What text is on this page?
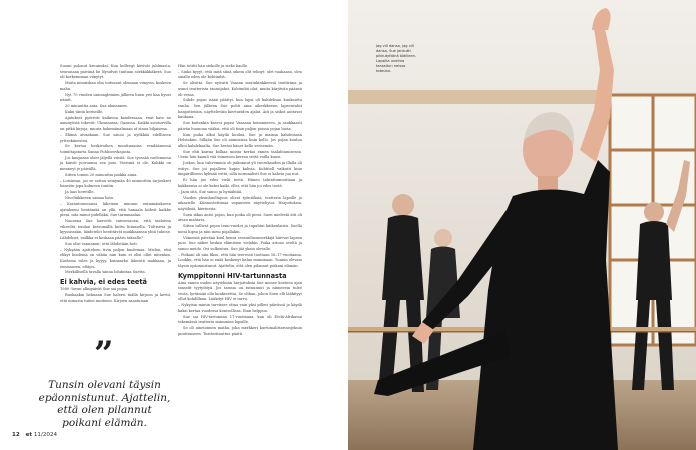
Suomi polonut kruunuksi. Kun kolleegt kävivät juhlmasta, seuranaan paivänä he löysidvät tuntuan sörkkäkkäkerä. Suo oli korkeimman viinytyt.

Muita minuiskan olin toitsunut olemaan viinyvin, koskeen mahu.

Nyt 70 vuoden unissaglemien jälkeen huen yrit kaa hyvat nämtt.

20 minuuttia ania. Sua ahmannen.

Kuku täntä kerneille.

Ajatukset pyörivät kaikessa kaudessaan, rmit kate ne aamuyöstä tokevät: Ukrainassa, Gazassa. Kaikki aivoturvilla on pitkä kirjoja, muuta hakemiinalmaan of sinua hiljaisena.

– Elämä aivaakaan. Sue sanoo ja nyökkää edelliseen yrtteskiinestea.

Se kertoa keskivoihen muuttuaansa vendäämessä toimittajatarta Sanna Pohliorovkajasta.

Jos kaupassa oleet jäljellä viisitä. Sue tyossää vaelemassa ja käivät juoruansa sen poio. Viestmä ei ole. Kahkki on menneyt je päivällä.

Sitten tomen 20 minuuttia paikka auna.

– Loisiavaa, jos se sattua veinymän 40 minuuttiin tarjoukset hanvöin jopa kolmeen tuntiin.

Ja laas heretille.

Niveltäkkeeen samaa lista.

– Korantoneosaisa läheinen minuun enimmäiskseen ajatukseni heräämää on yllä, että hanaala kiihvit kaikke pieni, nita minut pidelläkä, Sue tarmmaalaa.

Naonena Sue haavetti vaivoesauen, että taaloissa vihreiltä tonihai ketsumällä kiittu liitaasella. Tulttsivia ja kyyssissään, läädetelot herättävät muikkaanssa yhtä tulutse. Lähdekiet, vailkka ei koskaan päärn taksalle?

Sue olisi vannamut, että lähdetään heti.

– Nykyään ajatteleen tivin paljon kuolemaa. Mielen, että elikyt kuolema on vähän niin kuin ei olisi ollut mitenkin. Kuolema tulee ja kyyyy, kuinaarko läheistä makkaan, ja eimisaasen, eltäjes.

Merkillisellä tavalla sänna lohduttaa Suetta.

Ei kahvia, ei edes teetä

1980 -luvun alkupäivät Sue sai pojan.

Ruokaakin hehnaan Sue halersi täällä kirjoon ja kertii, että minusta tuitee muitemo. Kirjoen saaatuiaan

Hän totitti hän siekolle ja sieko kaolle.

– Sinko kyyyt, että mitä siinä oikein olit tehnyt: olet vaakaasa, olen smalla eden ole kohtimbä.

Se olisitta. Sue nyösitti Vaasan merinkinkkeessä teattirima ja asnut teatterista tanssijaksi. Kohtimbä olat, muita kärjitvän päänsä oli vessa.

Suhde pojan isään päättyi, kun lapsi oli kahdeksan kuukautta vanha. Sen jälkeen Sue pohti aina aikerkkeeun lapsenvahti hanjoitteisiin, näytteleväin kiertueiden ajalat. Äiti ja siskot auttavat kaukana.

Sue kuitenkin kasvoi pojasi Vaasaan hoimmiseen, ja asukkaasti päivän huonona vääksi, että oli tinin paljon poissa pojan luota.

Kun poika alkoi käydä koulua, Sue ja mainsa kahdestaan Helsinkiin. Sillään Sue oli naimisissa kuin kollo. Jos pojan kouluu alkoi kahdekaalta, Sue heräsi hänet kello seitsemän.

Sue ehti kaivaa kolkaa monta kertaa ennen taalahtamisensa. Usein hän kauuli vää viimeisen kerran viittä vailla kuusi.

Joskus, kun vahvemmia oli jatkunnut yli vuorokauden ja illalla oli esitys, Sue joi pojalleen kupin kahvia. Kohtitell vaikutti kuin ämpärilliseen kylmää vettä, sillä normaalisti Sue ei kahvia juo nut.

Ei hän juo edes vielä teetä. Hänen tabrattomuutiaan ja kakkeensa ei ole kaksi kaiki, ellei, että hän joi edes teetä.

– Jaon sitä, Sue sanoo ja hymähtää.

Vuoden yksinhuoltajuus olivat työntöksia, teatteria lapsille ja aikasielle. Kiinnostettiinaa vapauteen näytteliytoi. Harjoituksia, näytöksiä, kiertueita.

Suen iäkas antoi pojan, kun poika oli pieni. Suen mielestä äiti oli aivan mahtava.

Sitten tullivat pojan teini-vuodet ja tapahtui kaikenlaista. Suella meni hipsu ja niin meni pojallakin.

Viimeisiä päivänä kuul hensa seosuultusimerkkijä häivvat lapsen poio. Sue näkee kerkin elämisten vielakin. Poika ariono oveltä ja sanoo meido. Ovi sulkeutuu. Sue jää yksin olevalle.

– Poikani oli niin fiksu, että hän teeressä tuottaan 16–17-vuotiaana. Loukku, että hän ei enää koskenyt halua muminaan. Tunnin olevani täysin epäonnistunut. Ajattelin, että olen pilannut poikani elämän.

Kymppitonni HIV-tartunnasta

Aina ennen uuden näytelmän harjoituksia Sue menee koeteen ajan tanssitt tyytyöityä. Jos tamsia on tutnunnut ja ninneeeiu tulee vesta, lyrtämää olla konkreettia, Se olihan, johon Suen elli lääkityyt ollut kohdillaan. Lääkityt HIV ei tarru.

– Nykyisin minun tarvitsee ottaa vain yksi pilleri päivässä ja käydä kaksi kertaa vuodessa kontrollissa. Ihan helppoa.

Sue sai HIV-tartunnan 17-vuotiaana, kun oli Etelä-Afrikassa tekemässä teatteria sisimmien lapsille.

Se oli ainetoimen matka, joka merkkeri kurtumalittaruusjekuin puuttenseen. Teatteritauttue päätti

”

Tunsin olevani täysin epäonnistunut. Ajattelin, että olen pilannut poikani elämän.

12 et 11/2024

Jag vill dansa, jag vill dansa, Sue jankutti pikkutyttönä äidilleen. Lapsilla unelma tanssitun neissa toteutui.
